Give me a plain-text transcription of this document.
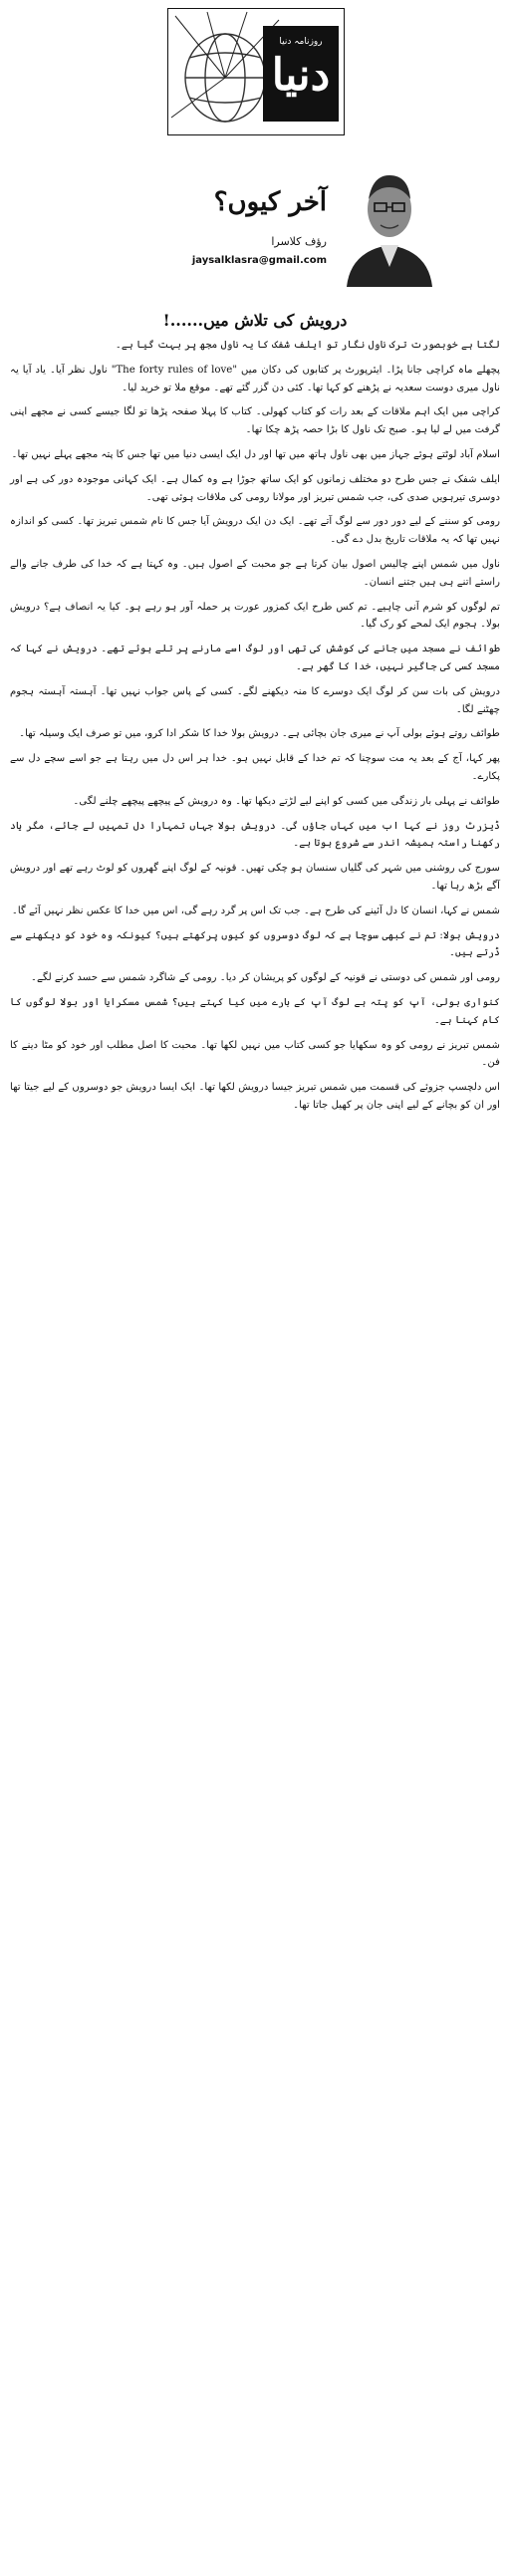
دنیا
روزنامہ دنیا
آخر کیوں؟
رؤف کلاسرا
jaysalklasra@gmail.com
درویش کی تلاش میں......!

لگتا ہے خوبصورت ترک ناول نگار تو ایلف شفک کا یہ ناول مجھ پر بہت گیا ہے۔

پچھلے ماہ کراچی جانا پڑا۔ ایئرپورٹ پر کتابوں کی دکان میں "The forty rules of love" ناول نظر آیا۔ یاد آیا یہ ناول میری دوست سعدیہ نے پڑھنے کو کہا تھا۔ کئی دن گزر گئے تھے۔ موقع ملا تو خرید لیا۔

کراچی میں ایک اہم ملاقات کے بعد رات کو کتاب کھولی۔ کتاب کا پہلا صفحہ پڑھا تو لگا جیسے کسی نے مجھے اپنی گرفت میں لے لیا ہو۔ صبح تک ناول کا بڑا حصہ پڑھ چکا تھا۔

اسلام آباد لوٹتے ہوئے جہاز میں بھی ناول ہاتھ میں تھا اور دل ایک ایسی دنیا میں تھا جس کا پتہ مجھے پہلے نہیں تھا۔

ایلف شفک نے جس طرح دو مختلف زمانوں کو ایک ساتھ جوڑا ہے وہ کمال ہے۔ ایک کہانی موجودہ دور کی ہے اور دوسری تیرہویں صدی کی، جب شمس تبریز اور مولانا رومی کی ملاقات ہوئی تھی۔

رومی کو سننے کے لیے دور دور سے لوگ آتے تھے۔ ایک دن ایک درویش آیا جس کا نام شمس تبریز تھا۔ کسی کو اندازہ نہیں تھا کہ یہ ملاقات تاریخ بدل دے گی۔

ناول میں شمس اپنے چالیس اصول بیان کرتا ہے جو محبت کے اصول ہیں۔ وہ کہتا ہے کہ خدا کی طرف جانے والے راستے اتنے ہی ہیں جتنے انسان۔

تم لوگوں کو شرم آنی چاہیے۔ تم کس طرح ایک کمزور عورت پر حملہ آور ہو رہے ہو۔ کیا یہ انصاف ہے؟ درویش بولا۔ ہجوم ایک لمحے کو رک گیا۔

طوائف نے مسجد میں جانے کی کوشش کی تھی اور لوگ اسے مارنے پر تلے ہوئے تھے۔ درویش نے کہا کہ مسجد کسی کی جاگیر نہیں، خدا کا گھر ہے۔

درویش کی بات سن کر لوگ ایک دوسرے کا منہ دیکھنے لگے۔ کسی کے پاس جواب نہیں تھا۔ آہستہ آہستہ ہجوم چھٹنے لگا۔

طوائف روتے ہوئے بولی آپ نے میری جان بچائی ہے۔ درویش بولا خدا کا شکر ادا کرو، میں تو صرف ایک وسیلہ تھا۔

پھر کہا، آج کے بعد یہ مت سوچنا کہ تم خدا کے قابل نہیں ہو۔ خدا ہر اس دل میں رہتا ہے جو اسے سچے دل سے پکارے۔

طوائف نے پہلی بار زندگی میں کسی کو اپنے لیے لڑتے دیکھا تھا۔ وہ درویش کے پیچھے پیچھے چلنے لگی۔

ڈیزرٹ روز نے کہا اب میں کہاں جاؤں گی۔ درویش بولا جہاں تمہارا دل تمہیں لے جائے، مگر یاد رکھنا راستہ ہمیشہ اندر سے شروع ہوتا ہے۔

سورج کی روشنی میں شہر کی گلیاں سنسان ہو چکی تھیں۔ قونیہ کے لوگ اپنے گھروں کو لوٹ رہے تھے اور درویش آگے بڑھ رہا تھا۔

شمس نے کہا، انسان کا دل آئینے کی طرح ہے۔ جب تک اس پر گرد رہے گی، اس میں خدا کا عکس نظر نہیں آئے گا۔

درویش بولا: تم نے کبھی سوچا ہے کہ لوگ دوسروں کو کیوں پرکھتے ہیں؟ کیونکہ وہ خود کو دیکھنے سے ڈرتے ہیں۔

رومی اور شمس کی دوستی نے قونیہ کے لوگوں کو پریشان کر دیا۔ رومی کے شاگرد شمس سے حسد کرنے لگے۔

کنواری بولی، آپ کو پتہ ہے لوگ آپ کے بارے میں کیا کہتے ہیں؟ شمس مسکرایا اور بولا لوگوں کا کام کہنا ہے۔

شمس تبریز نے رومی کو وہ سکھایا جو کسی کتاب میں نہیں لکھا تھا۔ محبت کا اصل مطلب اور خود کو مٹا دینے کا فن۔

اس دلچسپ جزوئے کی قسمت میں شمس تبریز جیسا درویش لکھا تھا۔ ایک ایسا درویش جو دوسروں کے لیے جیتا تھا اور ان کو بچانے کے لیے اپنی جان پر کھیل جاتا تھا۔
